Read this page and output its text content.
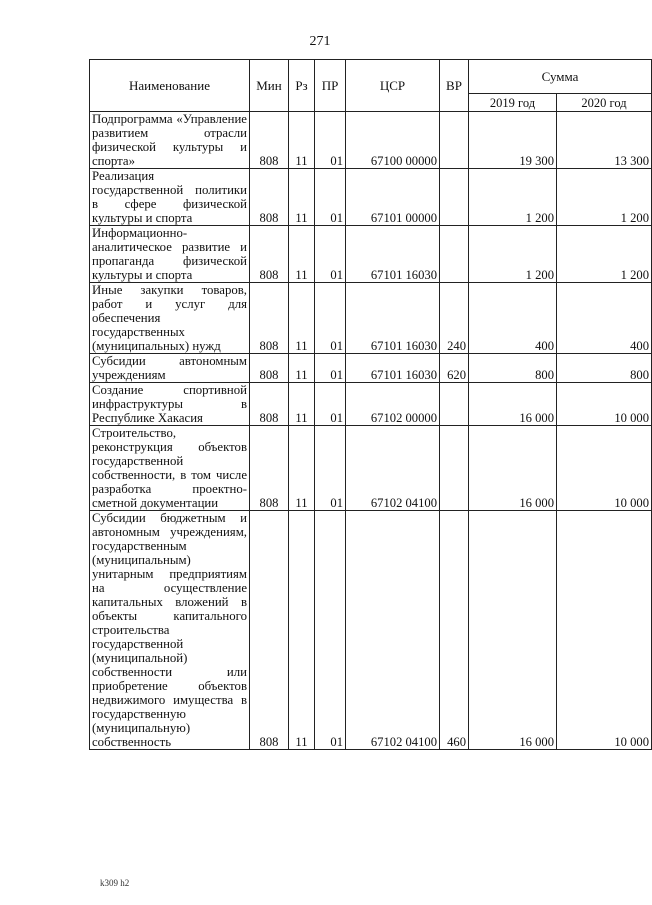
271
Наименование	Мин	Рз	ПР	ЦСР	ВР	Сумма	
						2019 год	2020 год
Подпрограмма «Управление развитием отрасли физической культуры и спорта»	808	11	01	67100 00000		19 300	13 300
Реализация государственной политики в сфере физической культуры и спорта	808	11	01	67101 00000		1 200	1 200
Информационно-аналитическое развитие и пропаганда физической культуры и спорта	808	11	01	67101 16030		1 200	1 200
Иные закупки товаров, работ и услуг для обеспечения государственных (муниципальных) нужд	808	11	01	67101 16030	240	400	400
Субсидии автономным учреждениям	808	11	01	67101 16030	620	800	800
Создание спортивной инфраструктуры в Республике Хакасия	808	11	01	67102 00000		16 000	10 000
Строительство, реконструкция объектов государственной собственности, в том числе разработка проектно-сметной документации	808	11	01	67102 04100		16 000	10 000
Субсидии бюджетным и автономным учреждениям, государственным (муниципальным) унитарным предприятиям на осуществление капитальных вложений в объекты капитального строительства государственной (муниципальной) собственности или приобретение объектов недвижимого имущества в государственную (муниципальную) собственность	808	11	01	67102 04100	460	16 000	10 000
k309 h2
